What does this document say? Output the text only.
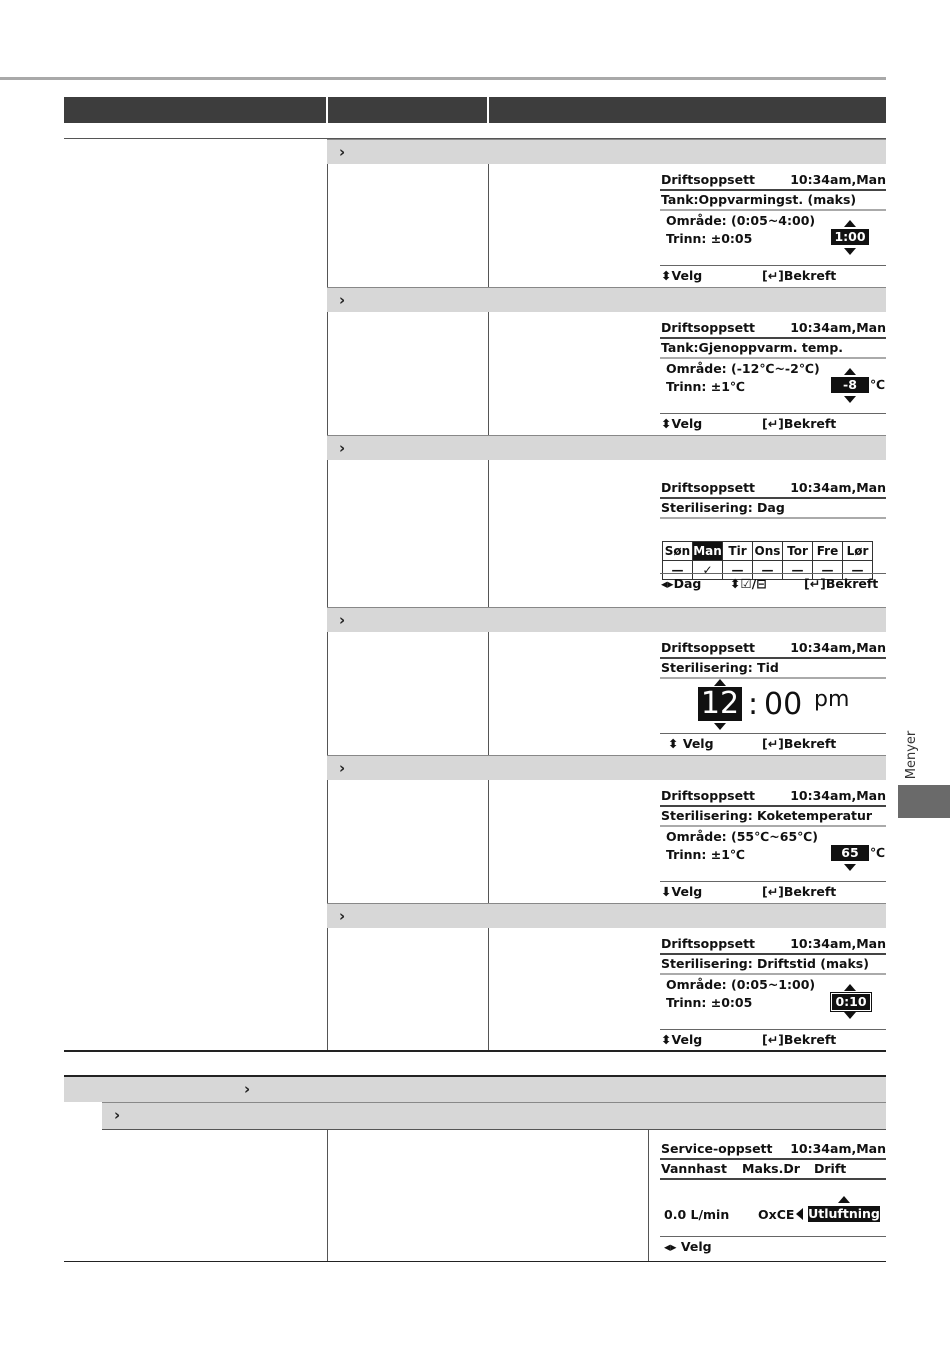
›
›
›
›
›
›
Driftsoppsett	10:34am,Man
Tank:Oppvarmingst. (maks)
Område: (0:05~4:00)
Trinn: ±0:05	1:00
⬍Velg	[↵]Bekreft
Driftsoppsett	10:34am,Man
Tank:Gjenoppvarm. temp.
Område: (-12℃~-2℃)
Trinn: ±1℃	-8	℃
⬍Velg	[↵]Bekreft
Driftsoppsett	10:34am,Man
Sterilisering: Dag
Søn	Man	Tir	Ons	Tor	Fre	Lør
—	✓	—	—	—	—	—
◂▸Dag ⬍☑/⊟	[↵]Bekreft
Driftsoppsett	10:34am,Man
Sterilisering: Tid
12 : 00 pm
⬍ Velg	[↵]Bekreft
Driftsoppsett	10:34am,Man
Sterilisering: Koketemperatur
Område: (55℃~65℃)
Trinn: ±1℃	65 ℃
⬇Velg	[↵]Bekreft
Driftsoppsett	10:34am,Man
Sterilisering: Driftstid (maks)
Område: (0:05~1:00)
Trinn: ±0:05	0:10
⬍Velg	[↵]Bekreft
›
›
Service-oppsett 10:34am,Man
Vannhast Maks.Dr Drift
0.0 L/min OxCE Utluftning
◂▸ Velg
Menyer
